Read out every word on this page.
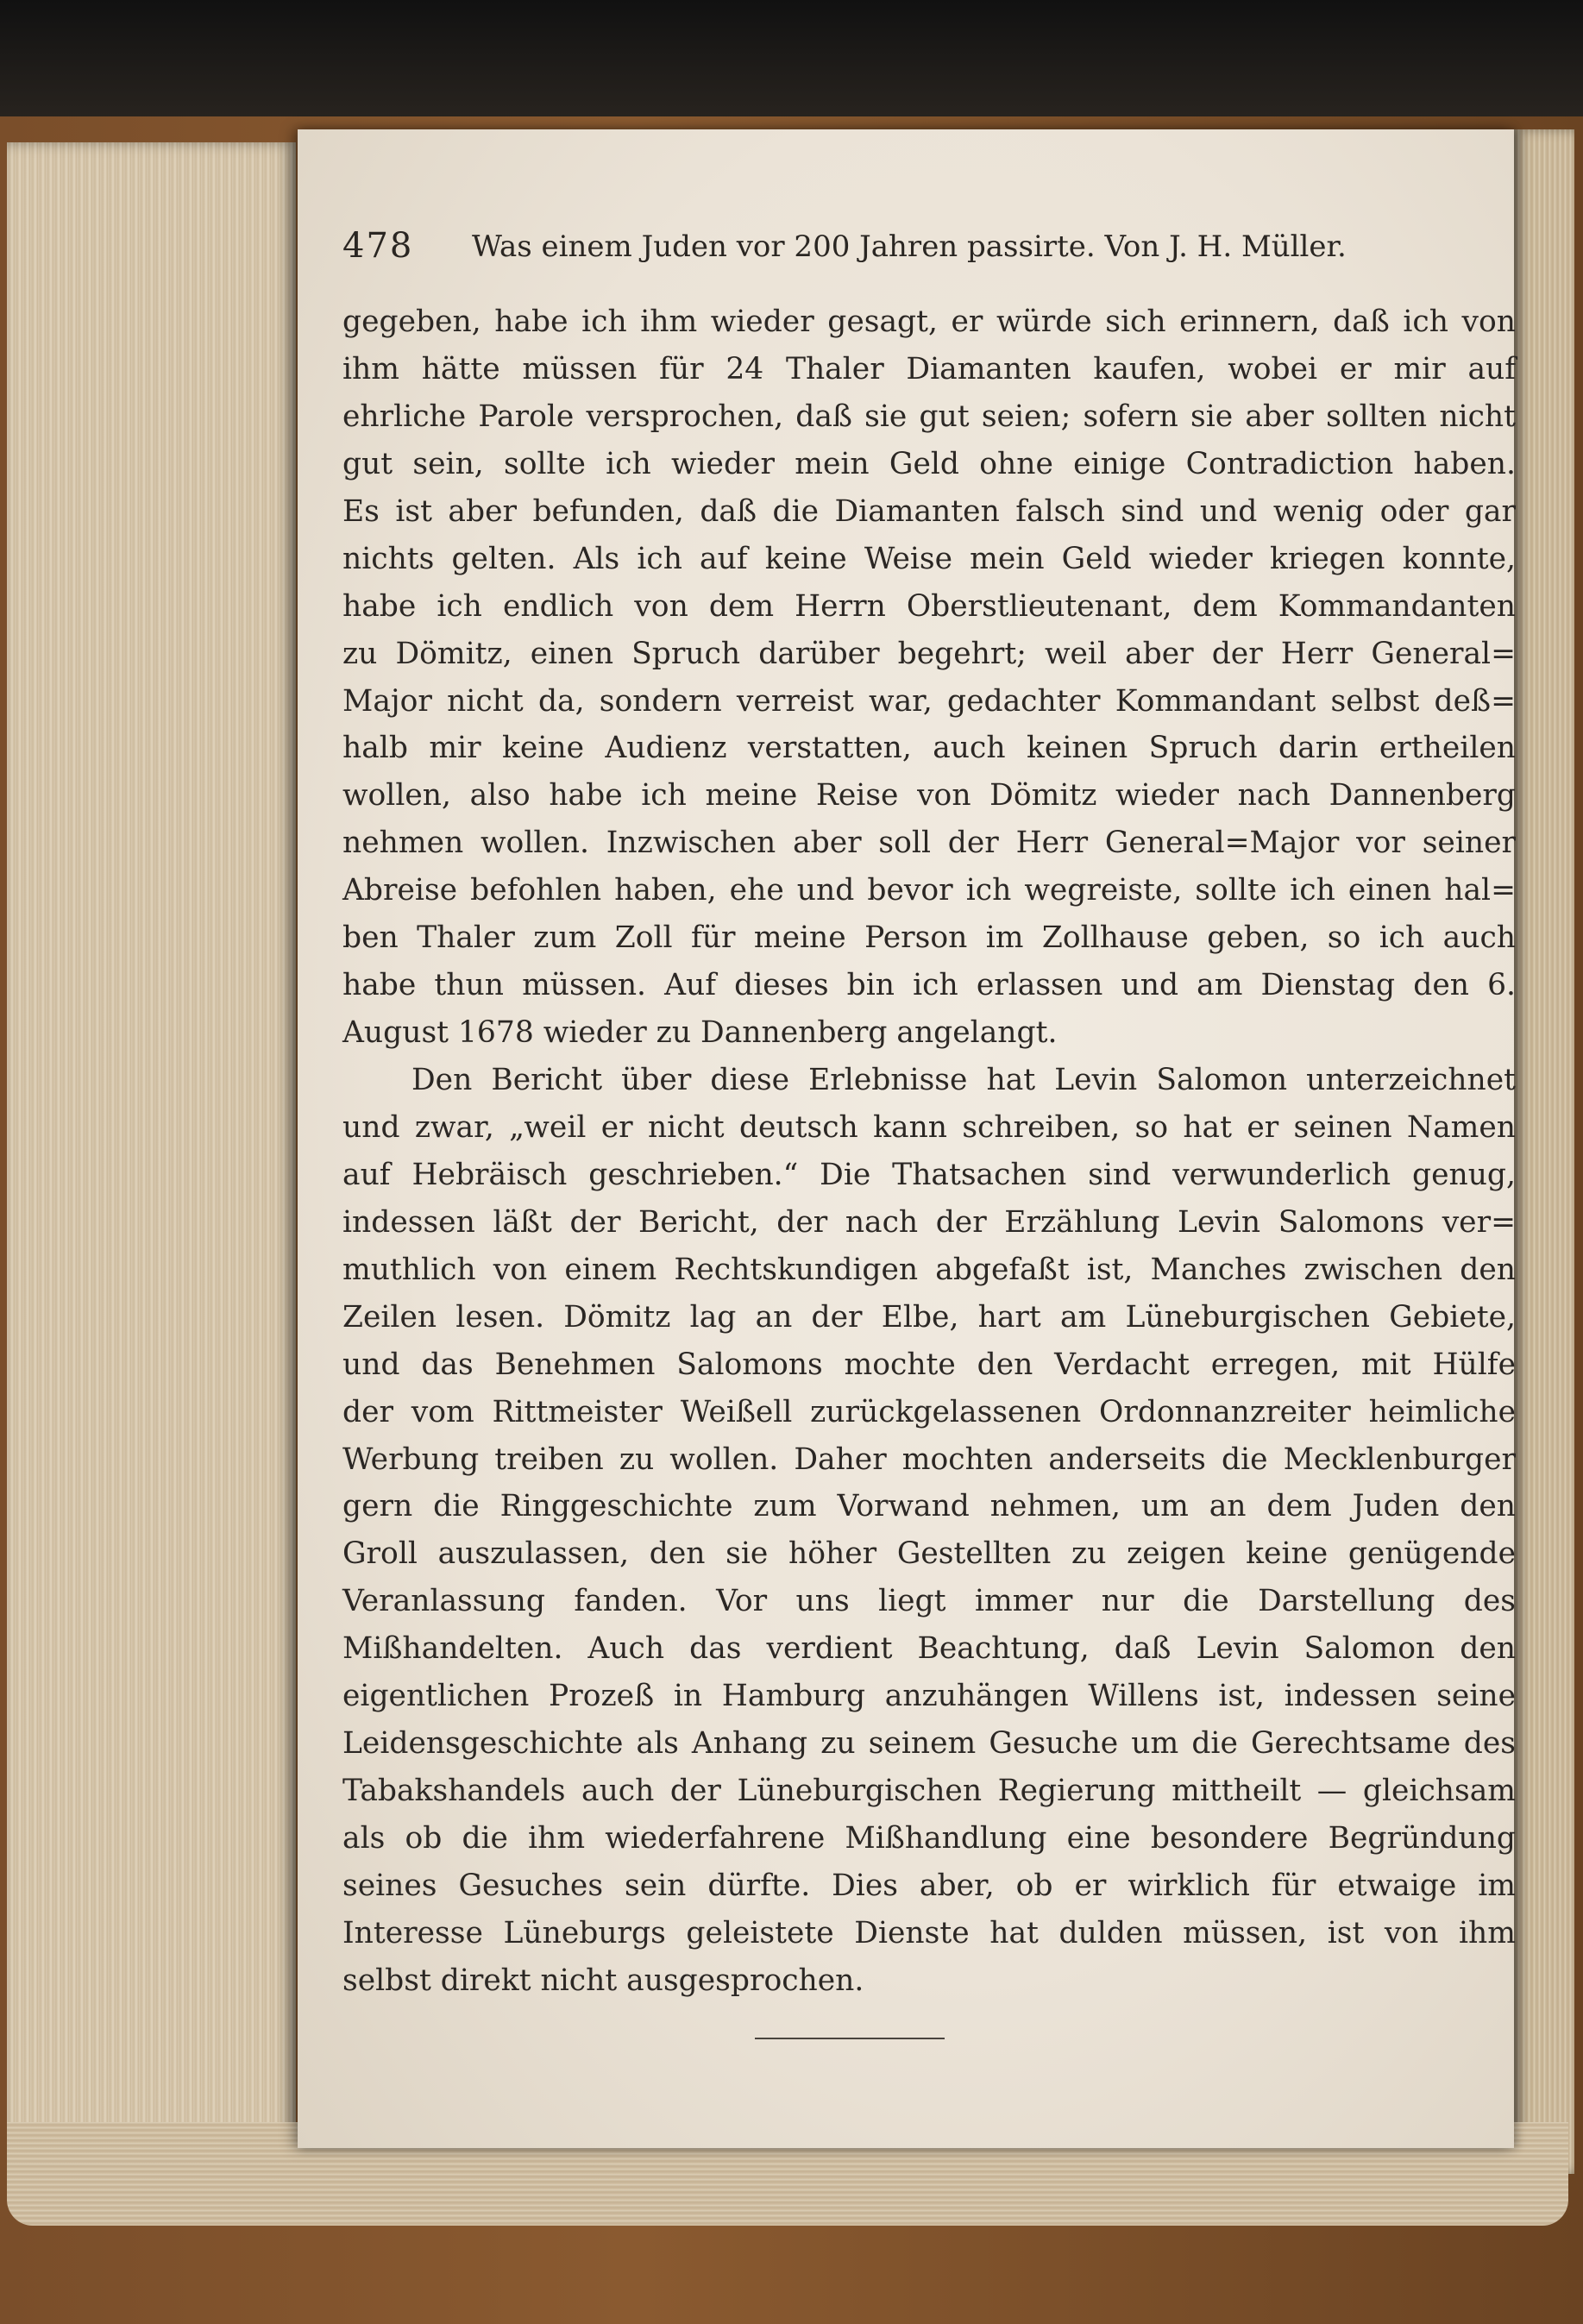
478 Was einem Juden vor 200 Jahren passirte. Von J. H. Müller.
gegeben, habe ich ihm wieder gesagt, er würde sich erinnern, daß ich von
ihm hätte müssen für 24 Thaler Diamanten kaufen, wobei er mir auf
ehrliche Parole versprochen, daß sie gut seien; sofern sie aber sollten nicht
gut sein, sollte ich wieder mein Geld ohne einige Contradiction haben.
Es ist aber befunden, daß die Diamanten falsch sind und wenig oder gar
nichts gelten. Als ich auf keine Weise mein Geld wieder kriegen konnte,
habe ich endlich von dem Herrn Oberstlieutenant, dem Kommandanten
zu Dömitz, einen Spruch darüber begehrt; weil aber der Herr General=
Major nicht da, sondern verreist war, gedachter Kommandant selbst deß=
halb mir keine Audienz verstatten, auch keinen Spruch darin ertheilen
wollen, also habe ich meine Reise von Dömitz wieder nach Dannenberg
nehmen wollen. Inzwischen aber soll der Herr General=Major vor seiner
Abreise befohlen haben, ehe und bevor ich wegreiste, sollte ich einen hal=
ben Thaler zum Zoll für meine Person im Zollhause geben, so ich auch
habe thun müssen. Auf dieses bin ich erlassen und am Dienstag den 6.
August 1678 wieder zu Dannenberg angelangt.
Den Bericht über diese Erlebnisse hat Levin Salomon unterzeichnet
und zwar, „weil er nicht deutsch kann schreiben, so hat er seinen Namen
auf Hebräisch geschrieben.“ Die Thatsachen sind verwunderlich genug,
indessen läßt der Bericht, der nach der Erzählung Levin Salomons ver=
muthlich von einem Rechtskundigen abgefaßt ist, Manches zwischen den
Zeilen lesen. Dömitz lag an der Elbe, hart am Lüneburgischen Gebiete,
und das Benehmen Salomons mochte den Verdacht erregen, mit Hülfe
der vom Rittmeister Weißell zurückgelassenen Ordonnanzreiter heimliche
Werbung treiben zu wollen. Daher mochten anderseits die Mecklenburger
gern die Ringgeschichte zum Vorwand nehmen, um an dem Juden den
Groll auszulassen, den sie höher Gestellten zu zeigen keine genügende
Veranlassung fanden. Vor uns liegt immer nur die Darstellung des
Mißhandelten. Auch das verdient Beachtung, daß Levin Salomon den
eigentlichen Prozeß in Hamburg anzuhängen Willens ist, indessen seine
Leidensgeschichte als Anhang zu seinem Gesuche um die Gerechtsame des
Tabakshandels auch der Lüneburgischen Regierung mittheilt — gleichsam
als ob die ihm wiederfahrene Mißhandlung eine besondere Begründung
seines Gesuches sein dürfte. Dies aber, ob er wirklich für etwaige im
Interesse Lüneburgs geleistete Dienste hat dulden müssen, ist von ihm
selbst direkt nicht ausgesprochen.
